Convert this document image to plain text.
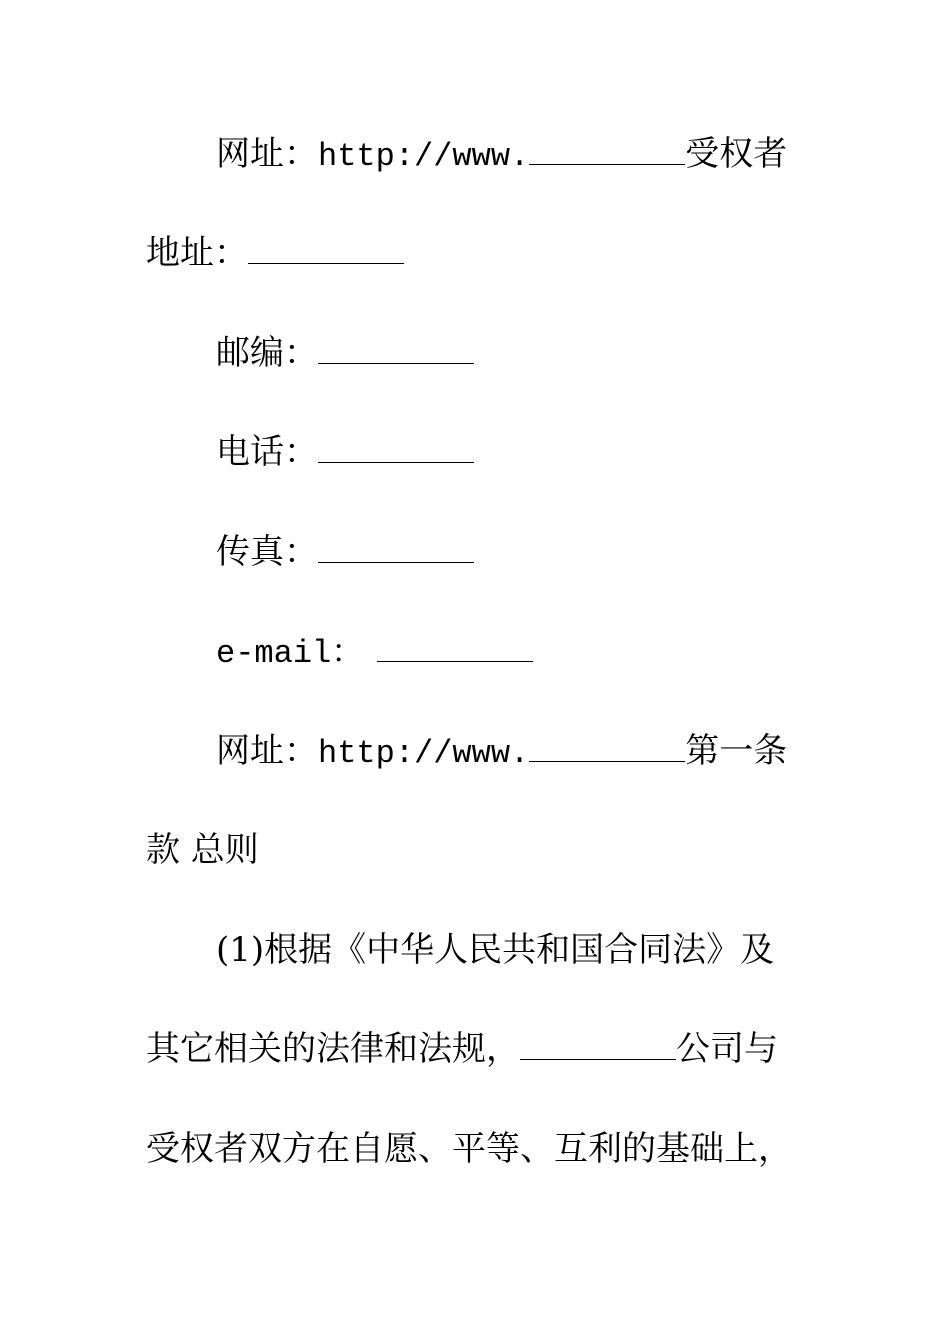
网址：http://www.	受权者
地址：
邮编：
电话：
传真：
e-mail：
网址：http://www.	第一条
款 总则
(1)根据《中华人民共和国合同法》及
其它相关的法律和法规，	公司与
受权者双方在自愿、平等、互利的基础上，
